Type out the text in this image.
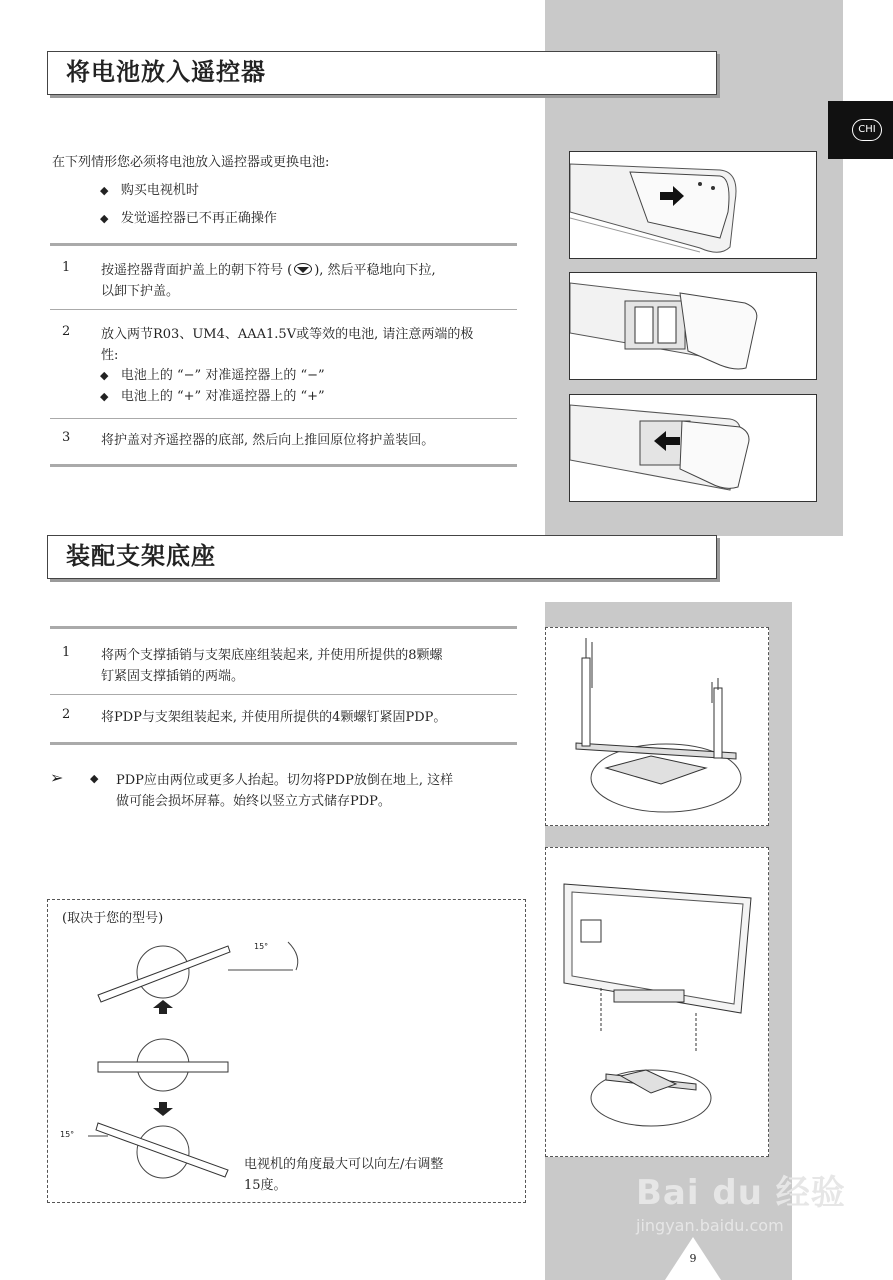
CHI
将电池放入遥控器
在下列情形您必须将电池放入遥控器或更换电池:
◆ 购买电视机时
◆ 发觉遥控器已不再正确操作
1 按遥控器背面护盖上的朝下符号 ( ), 然后平稳地向下拉,
以卸下护盖。
2 放入两节R03、UM4、AAA1.5V或等效的电池, 请注意两端的极
性:
◆ 电池上的 “−” 对准遥控器上的 “−”
◆ 电池上的 “+” 对准遥控器上的 “+”
3 将护盖对齐遥控器的底部, 然后向上推回原位将护盖装回。
装配支架底座
1 将两个支撑插销与支架底座组装起来, 并使用所提供的8颗螺
钉紧固支撑插销的两端。
2 将PDP与支架组装起来, 并使用所提供的4颗螺钉紧固PDP。
➢ ◆ PDP应由两位或更多人抬起。切勿将PDP放倒在地上, 这样
做可能会损坏屏幕。始终以竖立方式储存PDP。
(取决于您的型号)
15°
15°
电视机的角度最大可以向左/右调整
15度。	Bai du 经验
jingyan.baidu.com
9
